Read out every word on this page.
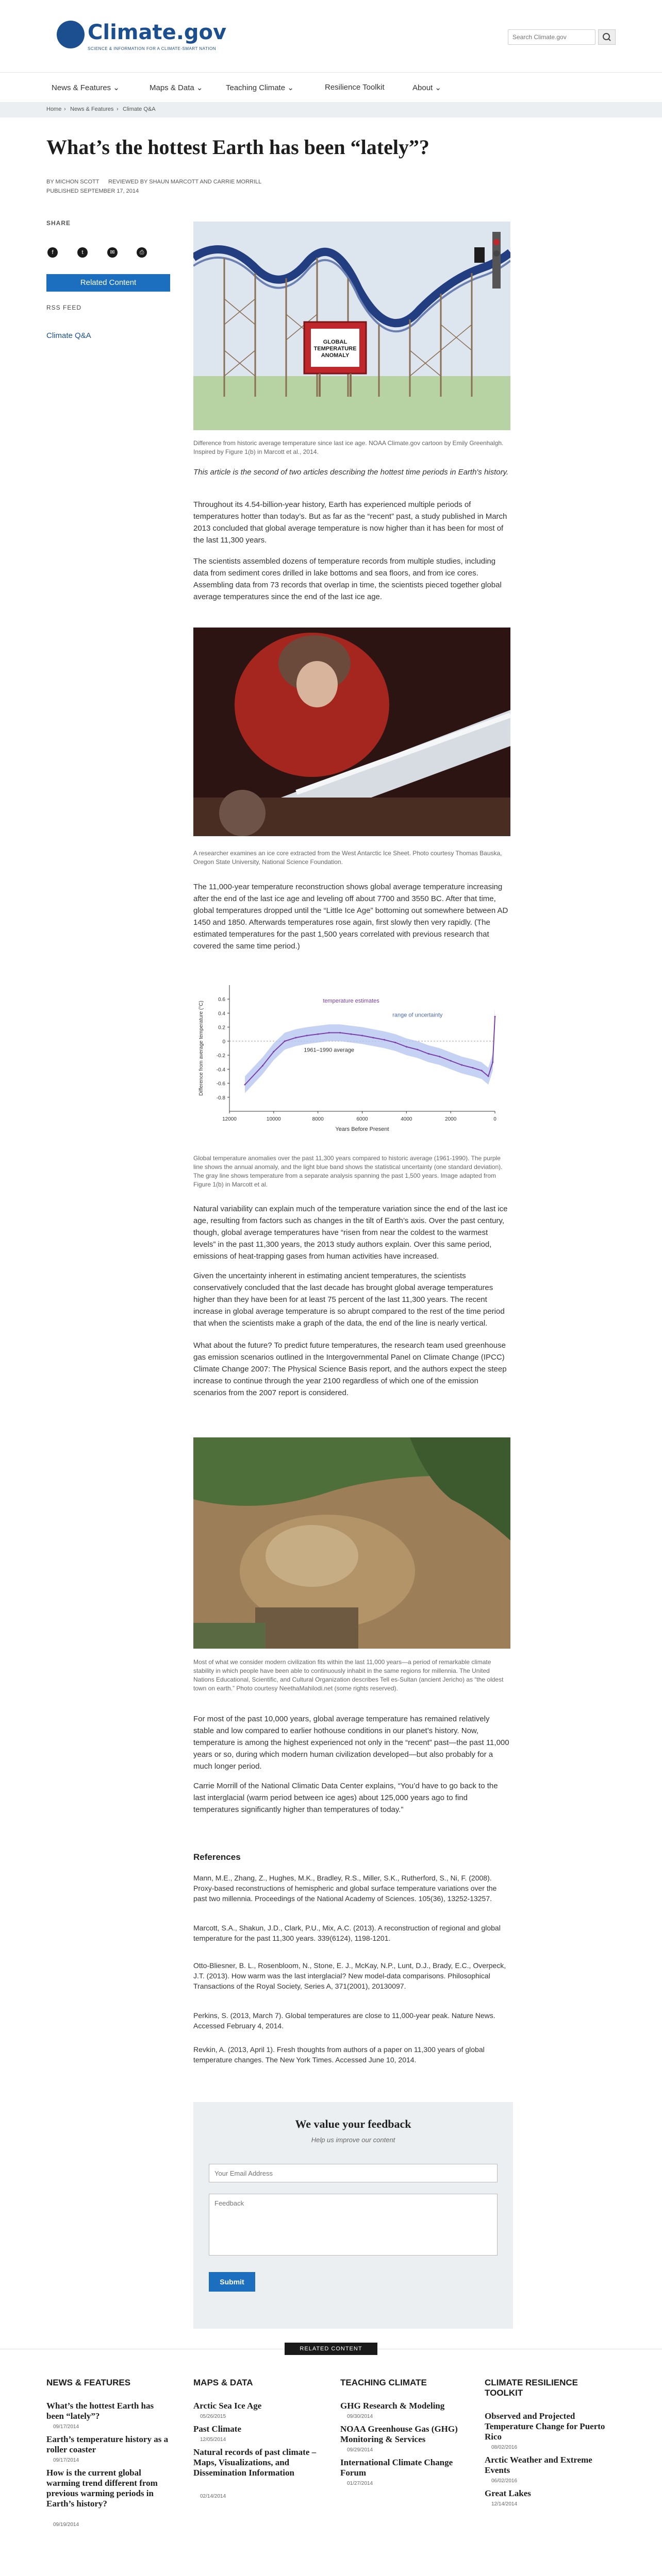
Climate.gov
SCIENCE & INFORMATION FOR A CLIMATE-SMART NATION
Search Climate.gov
News & Features ⌄	Maps & Data ⌄	Teaching Climate ⌄	Resilience Toolkit	About ⌄
Home › News & Features › Climate Q&A
What’s the hottest Earth has been “lately”?
BY MICHON SCOTT REVIEWED BY SHAUN MARCOTT AND CARRIE MORRILL
PUBLISHED SEPTEMBER 17, 2014
SHARE
f	t	✉	⎙
Related Content
RSS FEED
Climate Q&A
GLOBAL TEMPERATURE ANOMALY

Difference from historic average temperature since last ice age. NOAA Climate.gov cartoon by Emily Greenhalgh. Inspired by Figure 1(b) in Marcott et al., 2014.

This article is the second of two articles describing the hottest time periods in Earth's history.

Throughout its 4.54-billion-year history, Earth has experienced multiple periods of temperatures hotter than today’s. But as far as the “recent” past, a study published in March 2013 concluded that global average temperature is now higher than it has been for most of the last 11,300 years.

The scientists assembled dozens of temperature records from multiple studies, including data from sediment cores drilled in lake bottoms and sea floors, and from ice cores. Assembling data from 73 records that overlap in time, the scientists pieced together global average temperatures since the end of the last ice age.

A researcher examines an ice core extracted from the West Antarctic Ice Sheet. Photo courtesy Thomas Bauska, Oregon State University, National Science Foundation.

The 11,000-year temperature reconstruction shows global average temperature increasing after the end of the last ice age and leveling off about 7700 and 3550 BC. After that time, global temperatures dropped until the “Little Ice Age” bottoming out somewhere between AD 1450 and 1850. Afterwards temperatures rose again, first slowly then very rapidly. (The estimated temperatures for the past 1,500 years correlated with previous research that covered the same time period.)

0.6
0.4
0.2
0
-0.2
-0.4
-0.6
-0.8
12000	10000	8000	6000	4000	2000	0
temperature estimates
range of uncertainty
1961–1990 average
Years Before Present
Difference from average temperature (°C)

Global temperature anomalies over the past 11,300 years compared to historic average (1961-1990). The purple line shows the annual anomaly, and the light blue band shows the statistical uncertainty (one standard deviation). The gray line shows temperature from a separate analysis spanning the past 1,500 years. Image adapted from Figure 1(b) in Marcott et al.

Natural variability can explain much of the temperature variation since the end of the last ice age, resulting from factors such as changes in the tilt of Earth’s axis. Over the past century, though, global average temperatures have “risen from near the coldest to the warmest levels” in the past 11,300 years, the 2013 study authors explain. Over this same period, emissions of heat-trapping gases from human activities have increased.

Given the uncertainty inherent in estimating ancient temperatures, the scientists conservatively concluded that the last decade has brought global average temperatures higher than they have been for at least 75 percent of the last 11,300 years. The recent increase in global average temperature is so abrupt compared to the rest of the time period that when the scientists make a graph of the data, the end of the line is nearly vertical.

What about the future? To predict future temperatures, the research team used greenhouse gas emission scenarios outlined in the Intergovernmental Panel on Climate Change (IPCC) Climate Change 2007: The Physical Science Basis report, and the authors expect the steep increase to continue through the year 2100 regardless of which one of the emission scenarios from the 2007 report is considered.

Most of what we consider modern civilization fits within the last 11,000 years—a period of remarkable climate stability in which people have been able to continuously inhabit in the same regions for millennia. The United Nations Educational, Scientific, and Cultural Organization describes Tell es-Sultan (ancient Jericho) as “the oldest town on earth.” Photo courtesy NeethaMahilodi.net (some rights reserved).

For most of the past 10,000 years, global average temperature has remained relatively stable and low compared to earlier hothouse conditions in our planet’s history. Now, temperature is among the highest experienced not only in the “recent” past—the past 11,000 years or so, during which modern human civilization developed—but also probably for a much longer period.

Carrie Morrill of the National Climatic Data Center explains, “You’d have to go back to the last interglacial (warm period between ice ages) about 125,000 years ago to find temperatures significantly higher than temperatures of today.”

References

Mann, M.E., Zhang, Z., Hughes, M.K., Bradley, R.S., Miller, S.K., Rutherford, S., Ni, F. (2008). Proxy-based reconstructions of hemispheric and global surface temperature variations over the past two millennia. Proceedings of the National Academy of Sciences. 105(36), 13252-13257.

Marcott, S.A., Shakun, J.D., Clark, P.U., Mix, A.C. (2013). A reconstruction of regional and global temperature for the past 11,300 years. 339(6124), 1198-1201.

Otto-Bliesner, B. L., Rosenbloom, N., Stone, E. J., McKay, N.P., Lunt, D.J., Brady, E.C., Overpeck, J.T. (2013). How warm was the last interglacial? New model-data comparisons. Philosophical Transactions of the Royal Society, Series A, 371(2001), 20130097.

Perkins, S. (2013, March 7). Global temperatures are close to 11,000-year peak. Nature News. Accessed February 4, 2014.

Revkin, A. (2013, April 1). Fresh thoughts from authors of a paper on 11,300 years of global temperature changes. The New York Times. Accessed June 10, 2014.

We value your feedback
Help us improve our content
Your Email Address
Feedback
Submit
RELATED CONTENT
NEWS & FEATURES
What’s the hottest Earth has been “lately”?
09/17/2014
Earth’s temperature history as a roller coaster
09/17/2014
How is the current global warming trend different from previous warming periods in Earth’s history?
09/19/2014
MAPS & DATA
Arctic Sea Ice Age
05/26/2015
Past Climate
12/05/2014
Natural records of past climate – Maps, Visualizations, and Dissemination Information
02/14/2014
TEACHING CLIMATE
GHG Research & Modeling
09/30/2014
NOAA Greenhouse Gas (GHG) Monitoring & Services
09/29/2014
International Climate Change Forum
01/27/2014
CLIMATE RESILIENCE TOOLKIT
Observed and Projected Temperature Change for Puerto Rico
08/02/2016
Arctic Weather and Extreme Events
06/02/2016
Great Lakes
12/14/2014
